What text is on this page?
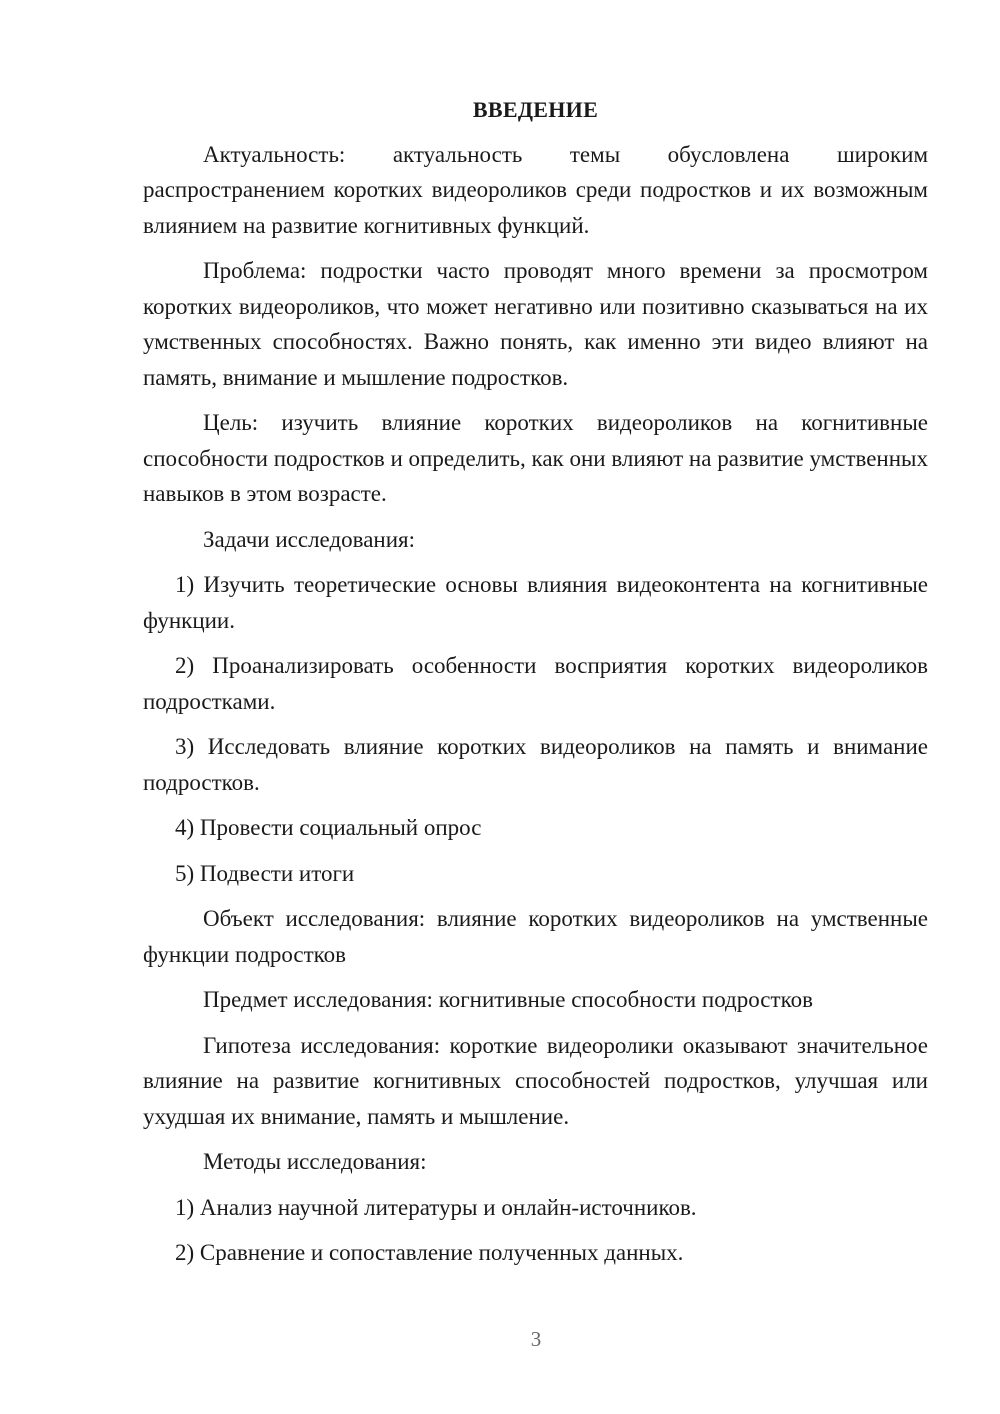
ВВЕДЕНИЕ

Актуальность: актуальность темы обусловлена широким распространением коротких видеороликов среди подростков и их возможным влиянием на развитие когнитивных функций.

Проблема: подростки часто проводят много времени за просмотром коротких видеороликов, что может негативно или позитивно сказываться на их умственных способностях. Важно понять, как именно эти видео влияют на память, внимание и мышление подростков.

Цель: изучить влияние коротких видеороликов на когнитивные способности подростков и определить, как они влияют на развитие умственных навыков в этом возрасте.

Задачи исследования:

1) Изучить теоретические основы влияния видеоконтента на когнитивные функции.

2) Проанализировать особенности восприятия коротких видеороликов подростками.

3) Исследовать влияние коротких видеороликов на память и внимание подростков.

4) Провести социальный опрос

5) Подвести итоги

Объект исследования: влияние коротких видеороликов на умственные функции подростков

Предмет исследования: когнитивные способности подростков

Гипотеза исследования: короткие видеоролики оказывают значительное влияние на развитие когнитивных способностей подростков, улучшая или ухудшая их внимание, память и мышление.

Методы исследования:

1) Анализ научной литературы и онлайн-источников.

2) Сравнение и сопоставление полученных данных.

3
